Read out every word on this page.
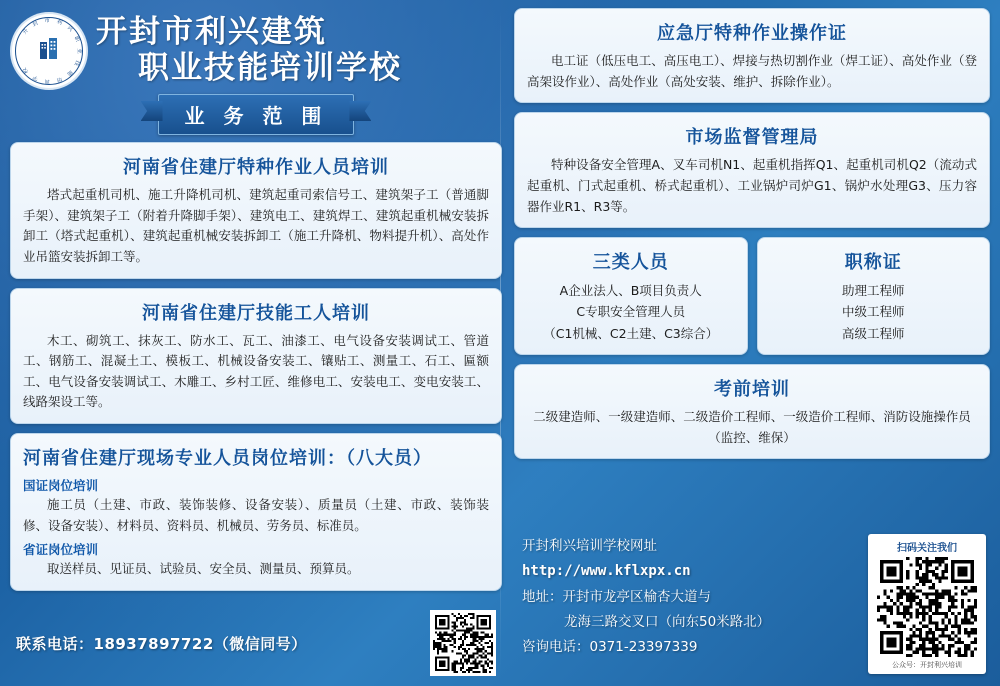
开
封 市 利
兴
职
业
技
能
培
训
学
校
开封市利兴建筑
职业技能培训学校
业 务 范 围
河南省住建厅特种作业人员培训

塔式起重机司机、施工升降机司机、建筑起重司索信号工、建筑架子工（普通脚手架）、建筑架子工（附着升降脚手架）、建筑电工、建筑焊工、建筑起重机械安装拆卸工（塔式起重机）、建筑起重机械安装拆卸工（施工升降机、物料提升机）、高处作业吊篮安装拆卸工等。

河南省住建厅技能工人培训

木工、砌筑工、抹灰工、防水工、瓦工、油漆工、电气设备安装调试工、管道工、钢筋工、混凝土工、模板工、机械设备安装工、镶贴工、测量工、石工、匾额工、电气设备安装调试工、木雕工、乡村工匠、维修电工、安装电工、变电安装工、线路架设工等。

河南省住建厅现场专业人员岗位培训：（八大员）
国证岗位培训

施工员（土建、市政、装饰装修、设备安装）、质量员（土建、市政、装饰装修、设备安装）、材料员、资料员、机械员、劳务员、标准员。

省证岗位培训

取送样员、见证员、试验员、安全员、测量员、预算员。

联系电话：18937897722（微信同号）
应急厅特种作业操作证

电工证（低压电工、高压电工）、焊接与热切割作业（焊工证）、高处作业（登高架设作业）、高处作业（高处安装、维护、拆除作业）。

市场监督管理局

特种设备安全管理A、叉车司机N1、起重机指挥Q1、起重机司机Q2（流动式起重机、门式起重机、桥式起重机）、工业锅炉司炉G1、锅炉水处理G3、压力容器作业R1、R3等。

三类人员
A企业法人、B项目负责人
C专职安全管理人员
（C1机械、C2土建、C3综合）
职称证
助理工程师
中级工程师
高级工程师
考前培训

二级建造师、一级建造师、二级造价工程师、一级造价工程师、消防设施操作员（监控、维保）

开封利兴培训学校网址
http://www.kflxpx.cn
地址：开封市龙亭区榆杏大道与
龙海三路交叉口（向东50米路北）
咨询电话：0371-23397339
扫码关注我们
公众号：开封利兴培训
